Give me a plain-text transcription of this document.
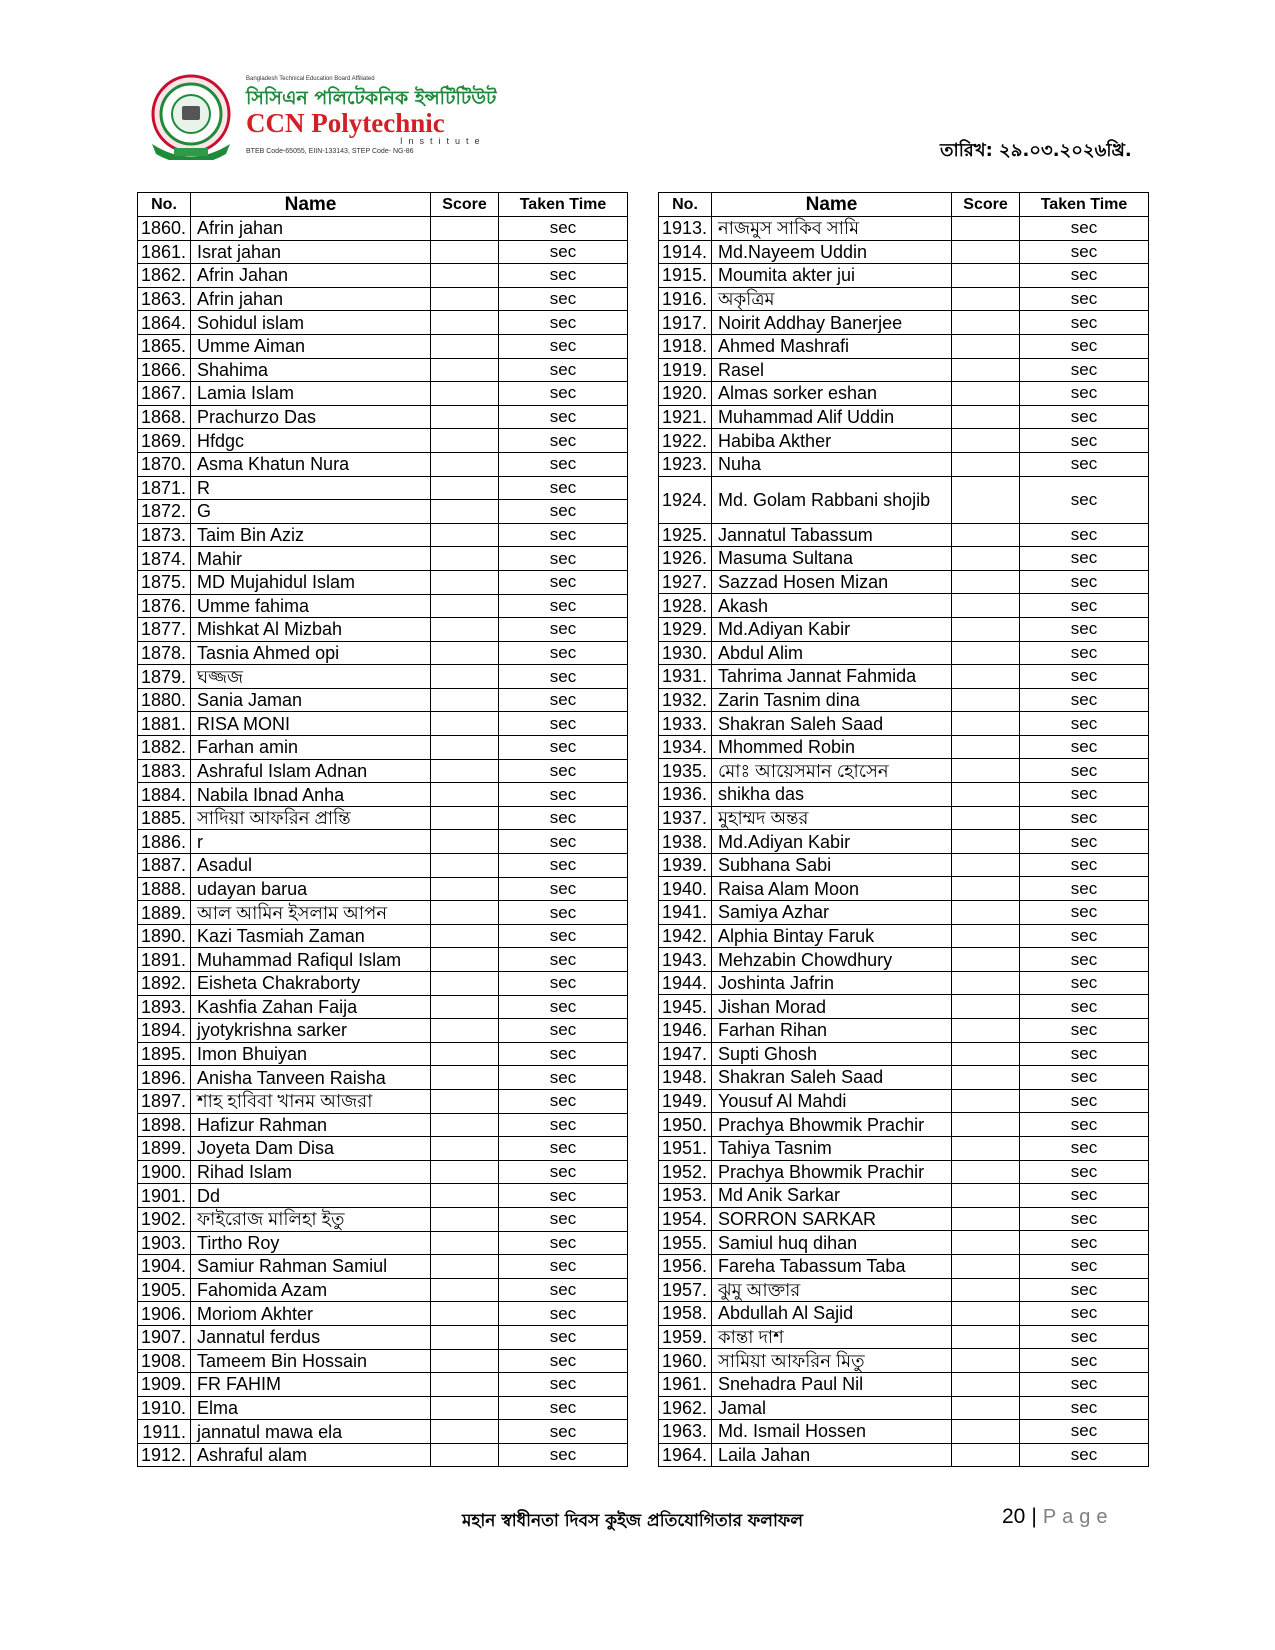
Bangladesh Technical Education Board Affiliated
সিসিএন পলিটেকনিক ইন্সটিটিউট
CCN Polytechnic
Institute
BTEB Code-65055, EIIN-133143, STEP Code- NG-86	তারিখ: ২৯.০৩.২০২৬খ্রি.
No.	Name	Score	Taken Time
1860.	Afrin jahan		sec
1861.	Israt jahan		sec
1862.	Afrin Jahan		sec
1863.	Afrin jahan		sec
1864.	Sohidul islam		sec
1865.	Umme Aiman		sec
1866.	Shahima		sec
1867.	Lamia Islam		sec
1868.	Prachurzo Das		sec
1869.	Hfdgc		sec
1870.	Asma Khatun Nura		sec
1871.	R		sec
1872.	G		sec
1873.	Taim Bin Aziz		sec
1874.	Mahir		sec
1875.	MD Mujahidul Islam		sec
1876.	Umme fahima		sec
1877.	Mishkat Al Mizbah		sec
1878.	Tasnia Ahmed opi		sec
1879.	ঘজ্জজ		sec
1880.	Sania Jaman		sec
1881.	RISA MONI		sec
1882.	Farhan amin		sec
1883.	Ashraful Islam Adnan		sec
1884.	Nabila Ibnad Anha		sec
1885.	সাদিয়া আফরিন প্রান্তি		sec
1886.	r		sec
1887.	Asadul		sec
1888.	udayan barua		sec
1889.	আল আমিন ইসলাম আপন		sec
1890.	Kazi Tasmiah Zaman		sec
1891.	Muhammad Rafiqul Islam		sec
1892.	Eisheta Chakraborty		sec
1893.	Kashfia Zahan Faija		sec
1894.	jyotykrishna sarker		sec
1895.	Imon Bhuiyan		sec
1896.	Anisha Tanveen Raisha		sec
1897.	শাহ হাবিবা খানম আজরা		sec
1898.	Hafizur Rahman		sec
1899.	Joyeta Dam Disa		sec
1900.	Rihad Islam		sec
1901.	Dd		sec
1902.	ফাইরোজ মালিহা ইতু		sec
1903.	Tirtho Roy		sec
1904.	Samiur Rahman Samiul		sec
1905.	Fahomida Azam		sec
1906.	Moriom Akhter		sec
1907.	Jannatul ferdus		sec
1908.	Tameem Bin Hossain		sec
1909.	FR FAHIM		sec
1910.	Elma		sec
1911.	jannatul mawa ela		sec
1912.	Ashraful alam		sec
No.	Name	Score	Taken Time
1913.	নাজমুস সাকিব সামি		sec
1914.	Md.Nayeem Uddin		sec
1915.	Moumita akter jui		sec
1916.	অকৃত্রিম		sec
1917.	Noirit Addhay Banerjee		sec
1918.	Ahmed Mashrafi		sec
1919.	Rasel		sec
1920.	Almas sorker eshan		sec
1921.	Muhammad Alif Uddin		sec
1922.	Habiba Akther		sec
1923.	Nuha		sec
1924.	Md. Golam Rabbani shojib		sec
1925.	Jannatul Tabassum		sec
1926.	Masuma Sultana		sec
1927.	Sazzad Hosen Mizan		sec
1928.	Akash		sec
1929.	Md.Adiyan Kabir		sec
1930.	Abdul Alim		sec
1931.	Tahrima Jannat Fahmida		sec
1932.	Zarin Tasnim dina		sec
1933.	Shakran Saleh Saad		sec
1934.	Mhommed Robin		sec
1935.	মোঃ আয়েসমান হোসেন		sec
1936.	shikha das		sec
1937.	মুহাম্মদ অন্তর		sec
1938.	Md.Adiyan Kabir		sec
1939.	Subhana Sabi		sec
1940.	Raisa Alam Moon		sec
1941.	Samiya Azhar		sec
1942.	Alphia Bintay Faruk		sec
1943.	Mehzabin Chowdhury		sec
1944.	Joshinta Jafrin		sec
1945.	Jishan Morad		sec
1946.	Farhan Rihan		sec
1947.	Supti Ghosh		sec
1948.	Shakran Saleh Saad		sec
1949.	Yousuf Al Mahdi		sec
1950.	Prachya Bhowmik Prachir		sec
1951.	Tahiya Tasnim		sec
1952.	Prachya Bhowmik Prachir		sec
1953.	Md Anik Sarkar		sec
1954.	SORRON SARKAR		sec
1955.	Samiul huq dihan		sec
1956.	Fareha Tabassum Taba		sec
1957.	ঝুমু আক্তার		sec
1958.	Abdullah Al Sajid		sec
1959.	কান্তা দাশ		sec
1960.	সামিয়া আফরিন মিতু		sec
1961.	Snehadra Paul Nil		sec
1962.	Jamal		sec
1963.	Md. Ismail Hossen		sec
1964.	Laila Jahan		sec
মহান স্বাধীনতা দিবস কুইজ প্রতিযোগিতার ফলাফল	20 | Page
